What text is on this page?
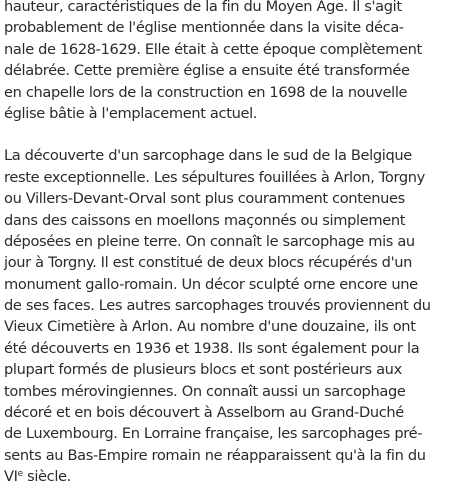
hauteur, caractéristiques de la fin du Moyen Age. Il s'agit
probablement de l'église mentionnée dans la visite déca-
nale de 1628-1629. Elle était à cette époque complètement
délabrée. Cette première église a ensuite été transformée
en chapelle lors de la construction en 1698 de la nouvelle
église bâtie à l'emplacement actuel.
La découverte d'un sarcophage dans le sud de la Belgique
reste exceptionnelle. Les sépultures fouillées à Arlon, Torgny
ou Villers-Devant-Orval sont plus couramment contenues
dans des caissons en moellons maçonnés ou simplement
déposées en pleine terre. On connaît le sarcophage mis au
jour à Torgny. Il est constitué de deux blocs récupérés d'un
monument gallo-romain. Un décor sculpté orne encore une
de ses faces. Les autres sarcophages trouvés proviennent du
Vieux Cimetière à Arlon. Au nombre d'une douzaine, ils ont
été découverts en 1936 et 1938. Ils sont également pour la
plupart formés de plusieurs blocs et sont postérieurs aux
tombes mérovingiennes. On connaît aussi un sarcophage
décoré et en bois découvert à Asselborn au Grand-Duché
de Luxembourg. En Lorraine française, les sarcophages pré-
sents au Bas-Empire romain ne réapparaissent qu'à la fin du
VIe siècle.
